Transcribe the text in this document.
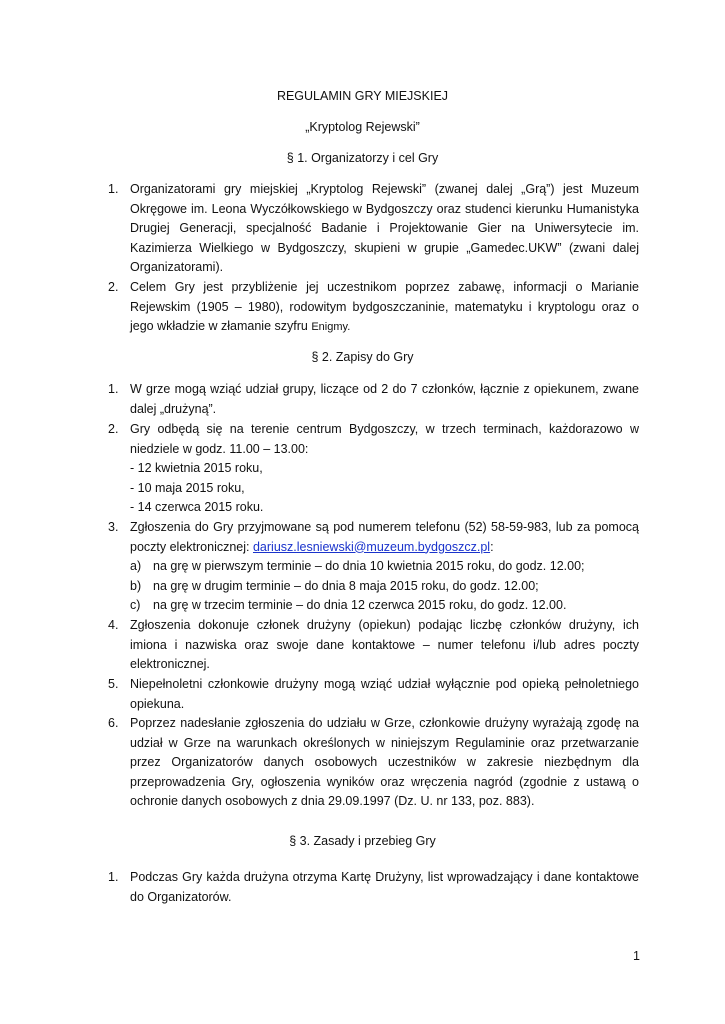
REGULAMIN GRY MIEJSKIEJ
„Kryptolog Rejewski”
§ 1. Organizatorzy i cel Gry
1. Organizatorami gry miejskiej „Kryptolog Rejewski” (zwanej dalej „Grą”) jest Muzeum
Okręgowe im. Leona Wyczółkowskiego w Bydgoszczy oraz studenci kierunku Humanistyka
Drugiej Generacji, specjalność Badanie i Projektowanie Gier na Uniwersytecie im.
Kazimierza Wielkiego w Bydgoszczy, skupieni w grupie „Gamedec.UKW” (zwani dalej
Organizatorami).
2. Celem Gry jest przybliżenie jej uczestnikom poprzez zabawę, informacji o Marianie
Rejewskim (1905 – 1980), rodowitym bydgoszczaninie, matematyku i kryptologu oraz o
jego wkładzie w złamanie szyfru Enigmy.
§ 2. Zapisy do Gry
1. W grze mogą wziąć udział grupy, liczące od 2 do 7 członków, łącznie z opiekunem, zwane
dalej „drużyną”.
2. Gry odbędą się na terenie centrum Bydgoszczy, w trzech terminach, każdorazowo w
niedziele w godz. 11.00 – 13.00:
- 12 kwietnia 2015 roku,
- 10 maja 2015 roku,
- 14 czerwca 2015 roku.
3. Zgłoszenia do Gry przyjmowane są pod numerem telefonu (52) 58-59-983, lub za pomocą
poczty elektronicznej: dariusz.lesniewski@muzeum.bydgoszcz.pl:
a) na grę w pierwszym terminie – do dnia 10 kwietnia 2015 roku, do godz. 12.00;
b) na grę w drugim terminie – do dnia 8 maja 2015 roku, do godz. 12.00;
c)	na grę w trzecim terminie – do dnia 12 czerwca 2015 roku, do godz. 12.00.
4. Zgłoszenia dokonuje członek drużyny (opiekun) podając liczbę członków drużyny, ich
imiona i nazwiska oraz swoje dane kontaktowe – numer telefonu i/lub adres poczty
elektronicznej.
5. Niepełnoletni członkowie drużyny mogą wziąć udział wyłącznie pod opieką pełnoletniego
opiekuna.
6. Poprzez nadesłanie zgłoszenia do udziału w Grze, członkowie drużyny wyrażają zgodę na
udział w Grze na warunkach określonych w niniejszym Regulaminie oraz przetwarzanie
przez Organizatorów danych osobowych uczestników w zakresie niezbędnym dla
przeprowadzenia Gry, ogłoszenia wyników oraz wręczenia nagród (zgodnie z ustawą o
ochronie danych osobowych z dnia 29.09.1997 (Dz. U. nr 133, poz. 883).
§ 3. Zasady i przebieg Gry
1. Podczas Gry każda drużyna otrzyma Kartę Drużyny, list wprowadzający i dane kontaktowe
do Organizatorów.
1
